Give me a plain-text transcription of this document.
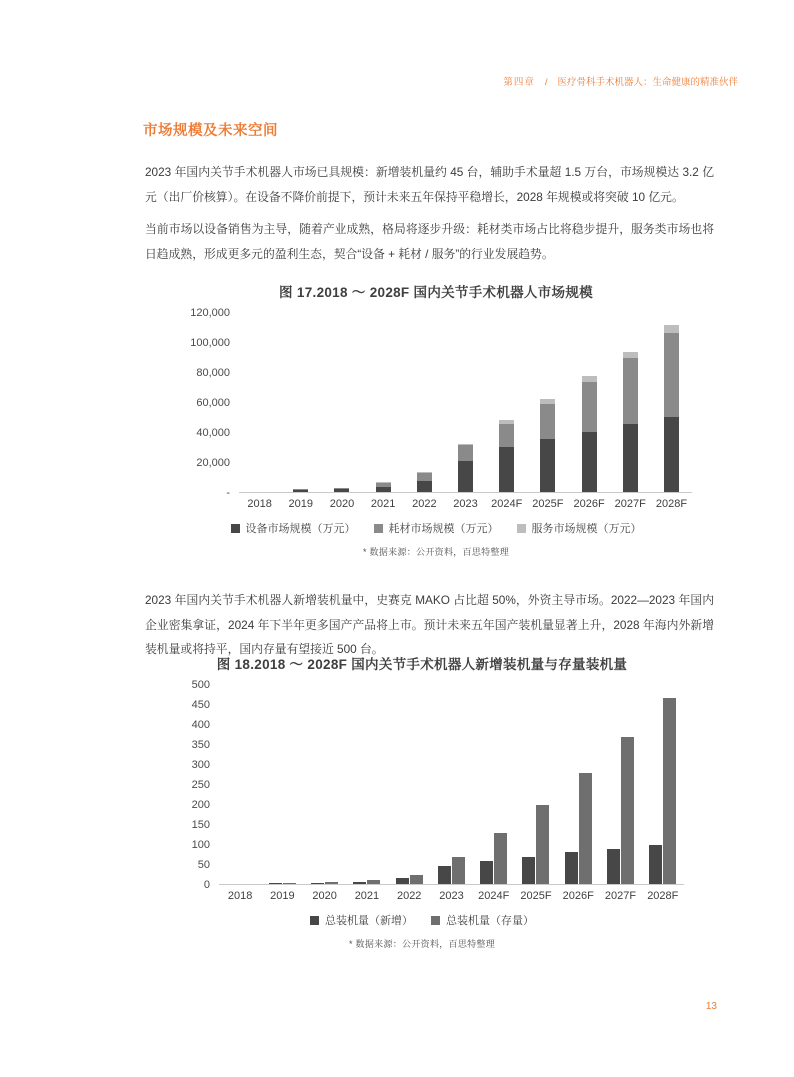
第四章 / 医疗骨科手术机器人：生命健康的精准伙伴
市场规模及未来空间

2023 年国内关节手术机器人市场已具规模：新增装机量约 45 台，辅助手术量超 1.5 万台，市场规模达 3.2 亿元（出厂价核算）。在设备不降价前提下，预计未来五年保持平稳增长，2028 年规模或将突破 10 亿元。

当前市场以设备销售为主导，随着产业成熟，格局将逐步升级：耗材类市场占比将稳步提升，服务类市场也将日趋成熟，形成更多元的盈利生态，契合“设备 + 耗材 / 服务”的行业发展趋势。

2023 年国内关节手术机器人新增装机量中，史赛克 MAKO 占比超 50%，外资主导市场。2022—2023 年国内企业密集拿证，2024 年下半年更多国产产品将上市。预计未来五年国产装机量显著上升，2028 年海内外新增装机量或将持平，国内存量有望接近 500 台。

图 17.2018 ～ 2028F 国内关节手术机器人市场规模
120,000
100,000
80,000
60,000
40,000
20,000
-
2018	2019	2020	2021	2022	2023	2024F 2025F 2026F 2027F 2028F
设备市场规模（万元）	耗材市场规模（万元）	服务市场规模（万元）
* 数据来源：公开资料，百思特整理
图 18.2018 ～ 2028F 国内关节手术机器人新增装机量与存量装机量
500
450
400
350
300
250
200
150
100
50
0
2018	2019	2020	2021	2022	2023	2024F	2025F	2026F	2027F	2028F
总装机量（新增）	总装机量（存量）
* 数据来源：公开资料，百思特整理
13
